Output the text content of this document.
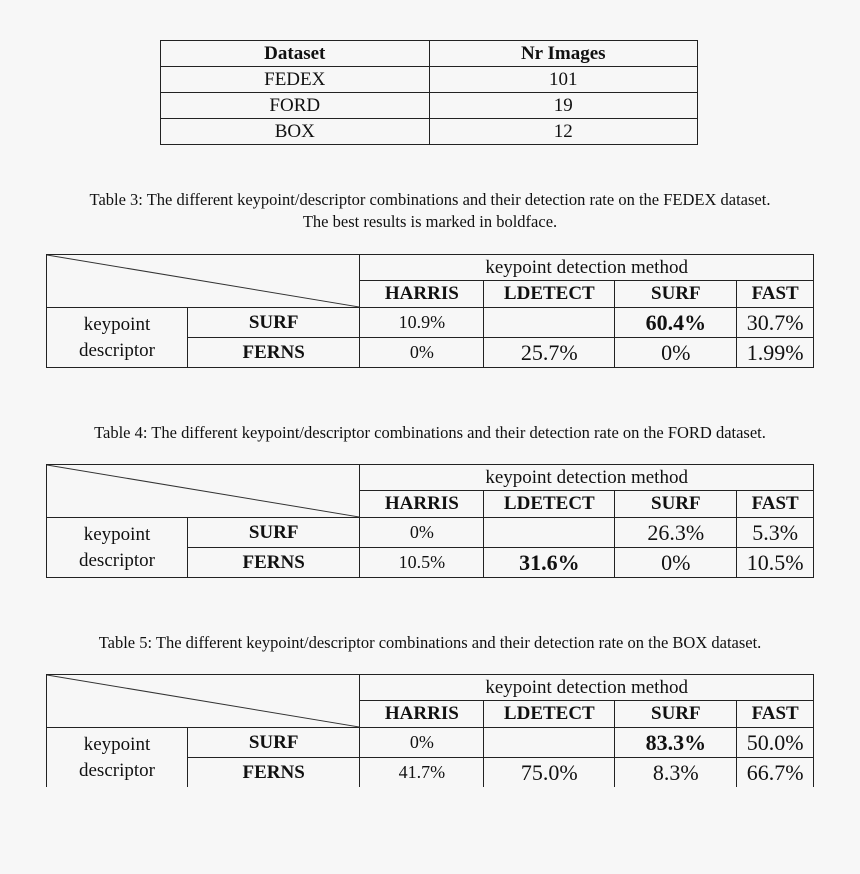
Dataset	Nr Images
FEDEX	101
FORD	19
BOX	12
Table 3: The different keypoint/descriptor combinations and their detection rate on the FEDEX dataset.
The best results is marked in boldface.
	keypoint detection method			
		HARRIS	LDETECT	SURF	FAST

keypoint
descriptor	SURF	10.9%		60.4%	30.7%
	FERNS	0%	25.7%	0%	1.99%
Table 4: The different keypoint/descriptor combinations and their detection rate on the FORD dataset.
	keypoint detection method			
		HARRIS	LDETECT	SURF	FAST

keypoint
descriptor	SURF	0%		26.3%	5.3%
	FERNS	10.5%	31.6%	0%	10.5%
Table 5: The different keypoint/descriptor combinations and their detection rate on the BOX dataset.
	keypoint detection method			
		HARRIS	LDETECT	SURF	FAST

keypoint
descriptor	SURF	0%		83.3%	50.0%
	FERNS	41.7%	75.0%	8.3%	66.7%
